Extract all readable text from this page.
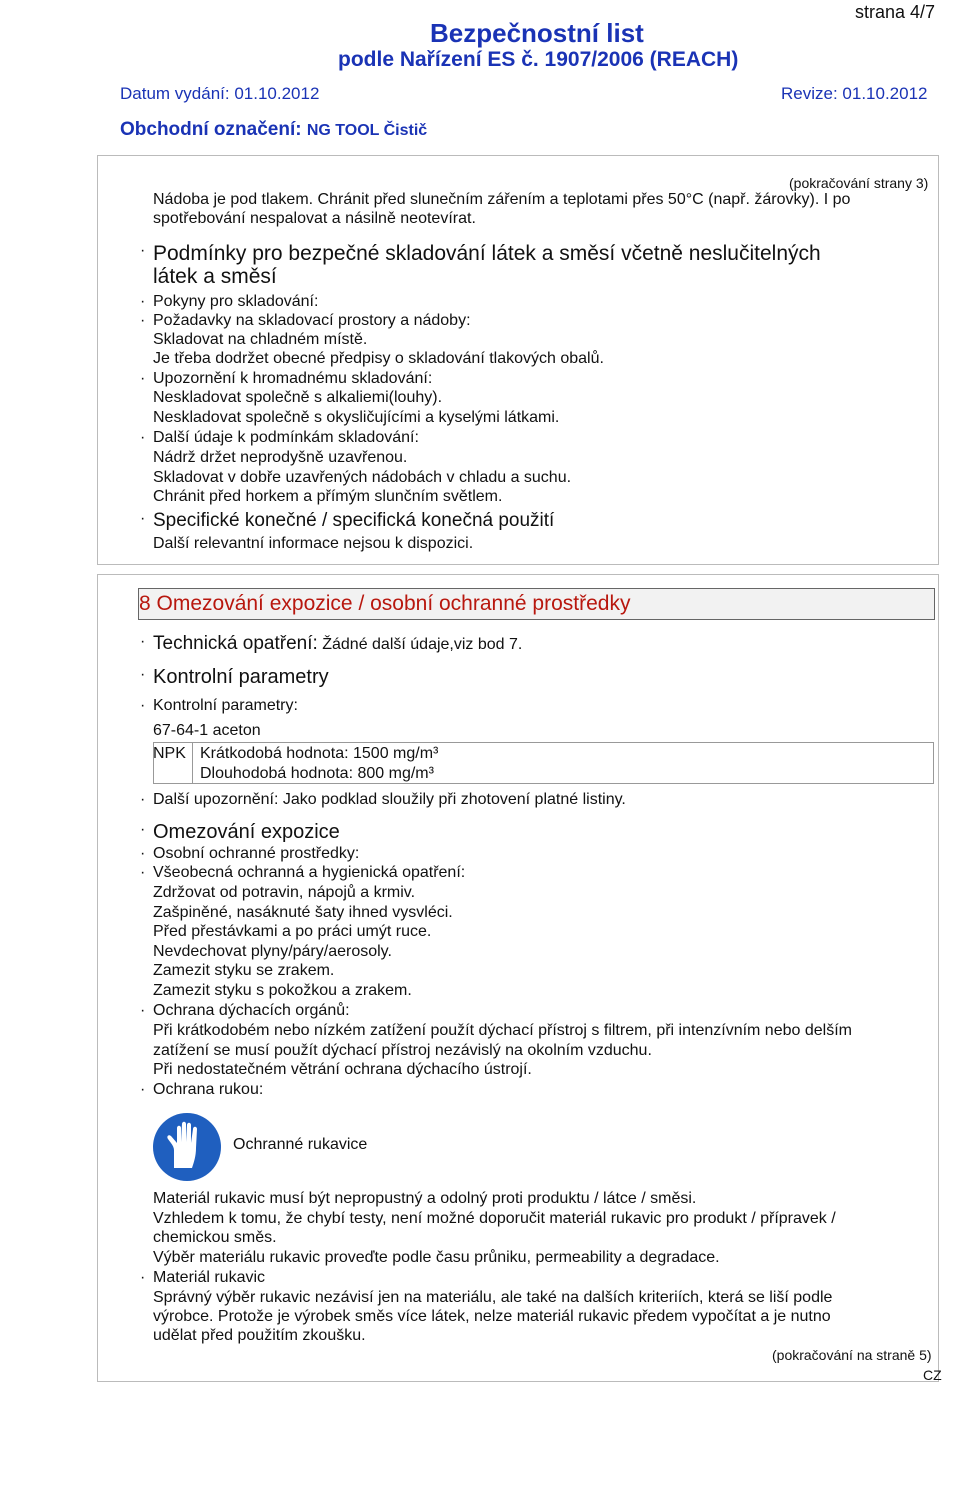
strana 4/7
Bezpečnostní list
podle Nařízení ES č. 1907/2006 (REACH)
Datum vydání: 01.10.2012	Revize: 01.10.2012
Obchodní označení: NG TOOL Čistič
(pokračování strany 3)
Nádoba je pod tlakem. Chránit před slunečním zářením a teplotami přes 50°C (např. žárovky). I po
spotřebování nespalovat a násilně neotevírat.
· Podmínky pro bezpečné skladování látek a směsí včetně neslučitelných
látek a směsí
· Pokyny pro skladování:
· Požadavky na skladovací prostory a nádoby:
Skladovat na chladném místě.
Je třeba dodržet obecné předpisy o skladování tlakových obalů.
· Upozornění k hromadnému skladování:
Neskladovat společně s alkaliemi(louhy).
Neskladovat společně s okysličujícími a kyselými látkami.
· Další údaje k podmínkám skladování:
Nádrž držet neprodyšně uzavřenou.
Skladovat v dobře uzavřených nádobách v chladu a suchu.
Chránit před horkem a přímým slunčním světlem.
· Specifické konečné / specifická konečná použití
Další relevantní informace nejsou k dispozici.
8 Omezování expozice / osobní ochranné prostředky
· Technická opatření: Žádné další údaje,viz bod 7.
· Kontrolní parametry
· Kontrolní parametry:
67-64-1 aceton
NPK Krátkodobá hodnota: 1500 mg/m³
Dlouhodobá hodnota: 800 mg/m³
· Další upozornění: Jako podklad sloužily při zhotovení platné listiny.
· Omezování expozice
· Osobní ochranné prostředky:
· Všeobecná ochranná a hygienická opatření:
Zdržovat od potravin, nápojů a krmiv.
Zašpiněné, nasáknuté šaty ihned vysvléci.
Před přestávkami a po práci umýt ruce.
Nevdechovat plyny/páry/aerosoly.
Zamezit styku se zrakem.
Zamezit styku s pokožkou a zrakem.
· Ochrana dýchacích orgánů:
Při krátkodobém nebo nízkém zatížení použít dýchací přístroj s filtrem, při intenzívním nebo delším
zatížení se musí použít dýchací přístroj nezávislý na okolním vzduchu.
Při nedostatečném větrání ochrana dýchacího ústrojí.
· Ochrana rukou:
Ochranné rukavice
Materiál rukavic musí být nepropustný a odolný proti produktu / látce / směsi.
Vzhledem k tomu, že chybí testy, není možné doporučit materiál rukavic pro produkt / přípravek /
chemickou směs.
Výběr materiálu rukavic proveďte podle času průniku, permeability a degradace.
· Materiál rukavic
Správný výběr rukavic nezávisí jen na materiálu, ale také na dalších kriteriích, která se liší podle
výrobce. Protože je výrobek směs více látek, nelze materiál rukavic předem vypočítat a je nutno
udělat před použitím zkoušku.
(pokračování na straně 5)
CZ
